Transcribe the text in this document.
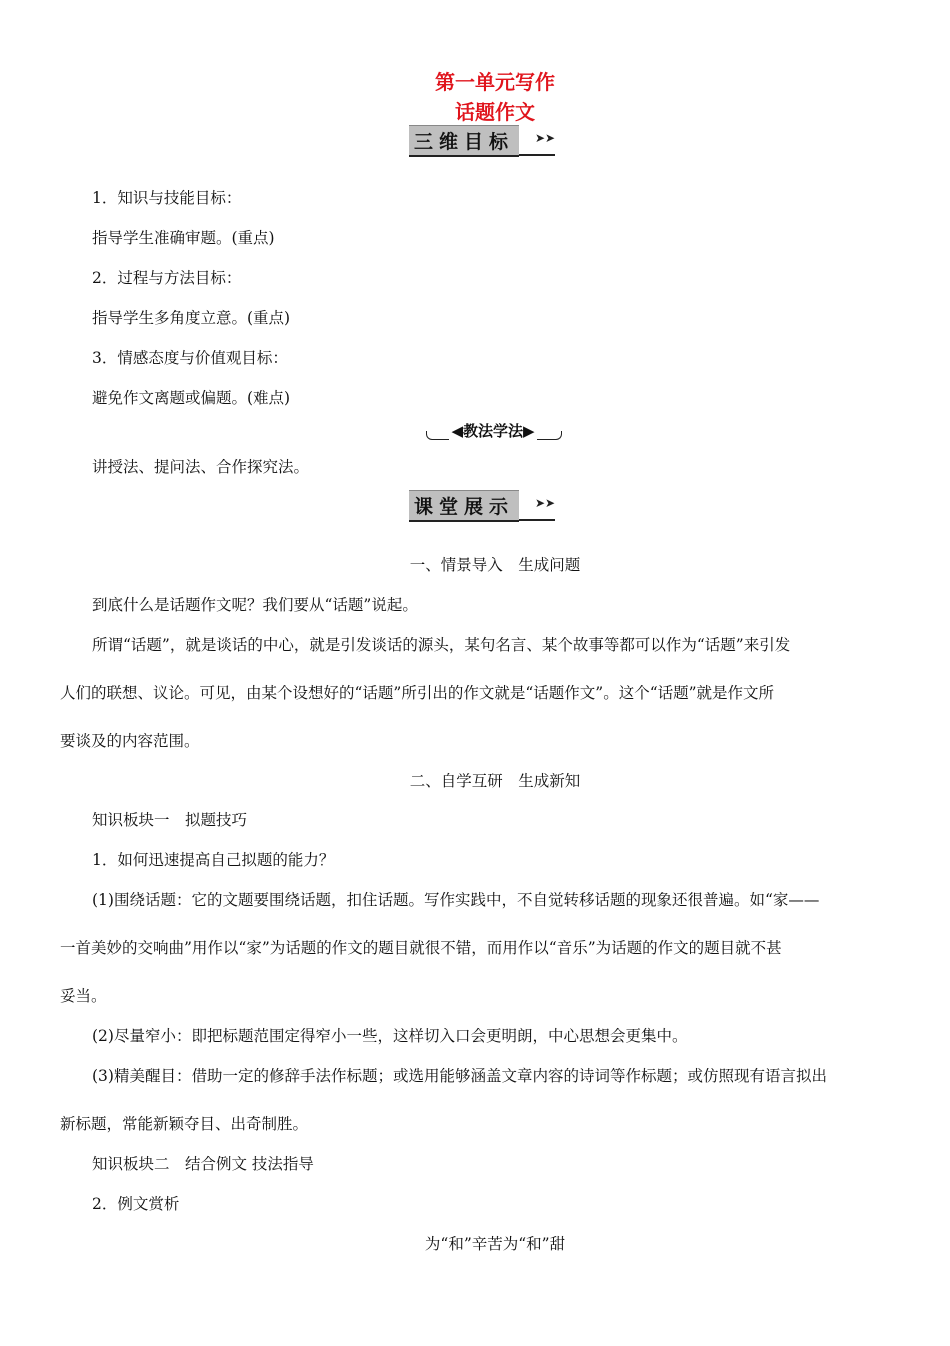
第一单元写作
话题作文
三维目标	➤➤
1．知识与技能目标：
指导学生准确审题。(重点)
2．过程与方法目标：
指导学生多角度立意。(重点)
3．情感态度与价值观目标：
避免作文离题或偏题。(难点)
◀教法学法▶
讲授法、提问法、合作探究法。
课堂展示	➤➤
一、情景导入　生成问题
到底什么是话题作文呢？我们要从“话题”说起。
所谓“话题”，就是谈话的中心，就是引发谈话的源头，某句名言、某个故事等都可以作为“话题”来引发
人们的联想、议论。可见，由某个设想好的“话题”所引出的作文就是“话题作文”。这个“话题”就是作文所
要谈及的内容范围。
二、自学互研　生成新知
知识板块一　拟题技巧
1．如何迅速提高自己拟题的能力？
(1)围绕话题：它的文题要围绕话题，扣住话题。写作实践中，不自觉转移话题的现象还很普遍。如“家——
一首美妙的交响曲”用作以“家”为话题的作文的题目就很不错，而用作以“音乐”为话题的作文的题目就不甚
妥当。
(2)尽量窄小：即把标题范围定得窄小一些，这样切入口会更明朗，中心思想会更集中。
(3)精美醒目：借助一定的修辞手法作标题；或选用能够涵盖文章内容的诗词等作标题；或仿照现有语言拟出
新标题，常能新颖夺目、出奇制胜。
知识板块二　结合例文 技法指导
2．例文赏析
为“和”辛苦为“和”甜
